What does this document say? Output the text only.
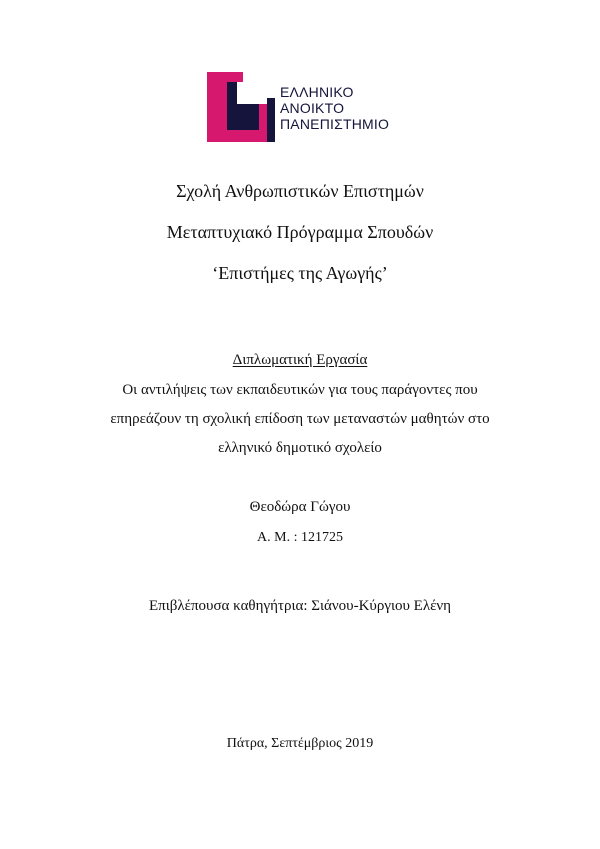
ΕΛΛΗΝΙΚΟ
ΑΝΟΙΚΤΟ
ΠΑΝΕΠΙΣΤΗΜΙΟ
Σχολή Ανθρωπιστικών Επιστημών
Μεταπτυχιακό Πρόγραμμα Σπουδών
‘Επιστήμες της Αγωγής’
Διπλωματική Εργασία
Οι αντιλήψεις των εκπαιδευτικών για τους παράγοντες που
επηρεάζουν τη σχολική επίδοση των μεταναστών μαθητών στο
ελληνικό δημοτικό σχολείο
Θεοδώρα Γώγου
Α. Μ. : 121725
Επιβλέπουσα καθηγήτρια: Σιάνου-Κύργιου Ελένη
Πάτρα, Σεπτέμβριος 2019
